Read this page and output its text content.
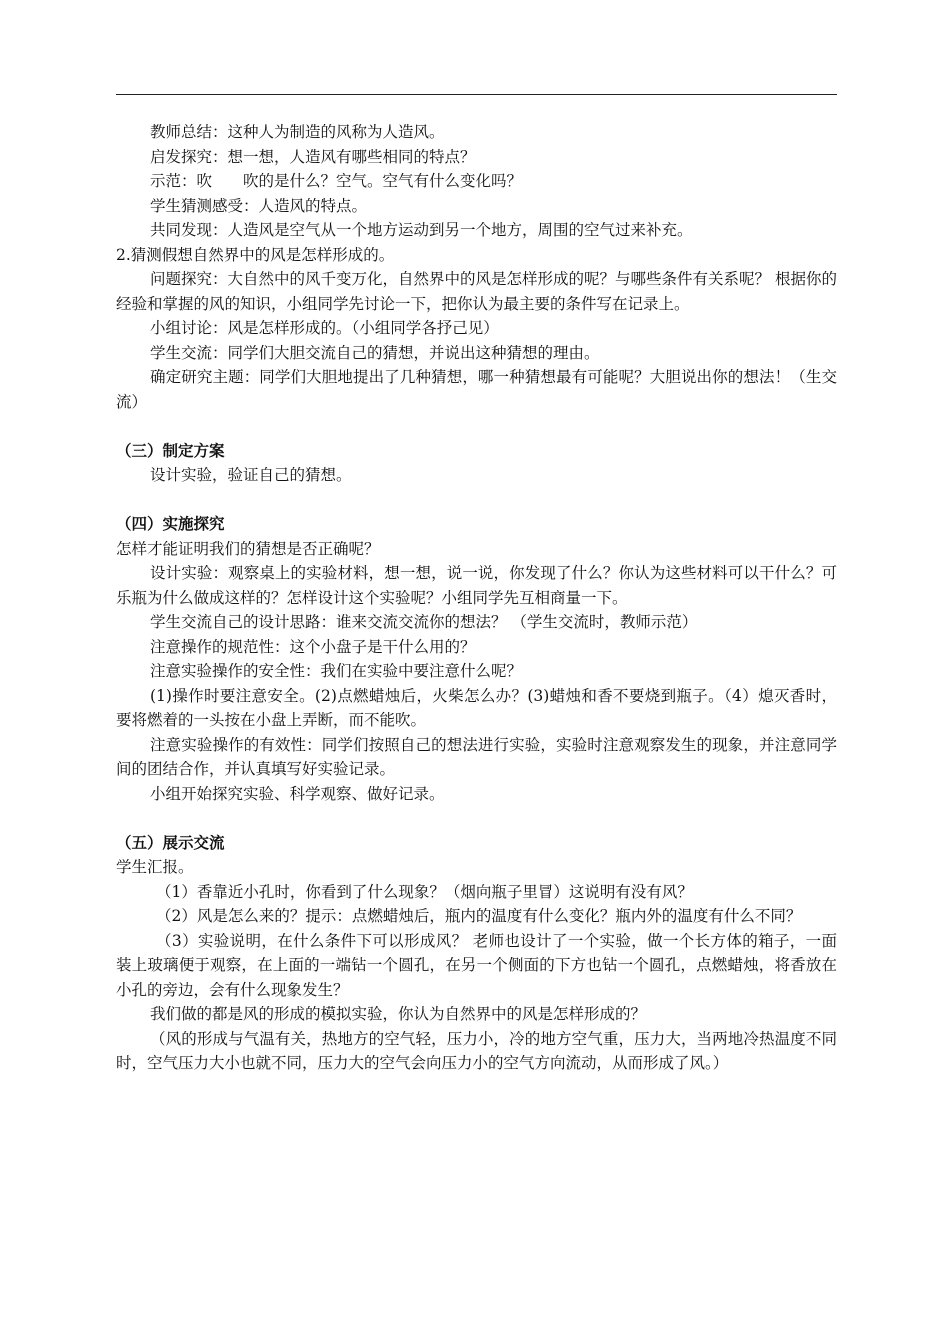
教师总结：这种人为制造的风称为人造风。

启发探究：想一想，人造风有哪些相同的特点？

示范：吹　　吹的是什么？空气。空气有什么变化吗？

学生猜测感受：人造风的特点。

共同发现：人造风是空气从一个地方运动到另一个地方，周围的空气过来补充。

2.猜测假想自然界中的风是怎样形成的。

问题探究：大自然中的风千变万化，自然界中的风是怎样形成的呢？与哪些条件有关系呢？ 根据你的经验和掌握的风的知识，小组同学先讨论一下，把你认为最主要的条件写在记录上。

小组讨论：风是怎样形成的。（小组同学各抒己见）

学生交流：同学们大胆交流自己的猜想，并说出这种猜想的理由。

确定研究主题：同学们大胆地提出了几种猜想，哪一种猜想最有可能呢？大胆说出你的想法！（生交流）

（三）制定方案

设计实验，验证自己的猜想。

（四）实施探究

怎样才能证明我们的猜想是否正确呢？

设计实验：观察桌上的实验材料，想一想，说一说，你发现了什么？你认为这些材料可以干什么？可乐瓶为什么做成这样的？怎样设计这个实验呢？小组同学先互相商量一下。

学生交流自己的设计思路：谁来交流交流你的想法？ （学生交流时，教师示范）

注意操作的规范性：这个小盘子是干什么用的？

注意实验操作的安全性：我们在实验中要注意什么呢？

(1)操作时要注意安全。(2)点燃蜡烛后，火柴怎么办？(3)蜡烛和香不要烧到瓶子。（4）熄灭香时，要将燃着的一头按在小盘上弄断，而不能吹。

注意实验操作的有效性：同学们按照自己的想法进行实验，实验时注意观察发生的现象，并注意同学间的团结合作，并认真填写好实验记录。

小组开始探究实验、科学观察、做好记录。

（五）展示交流

学生汇报。

（1）香靠近小孔时，你看到了什么现象？（烟向瓶子里冒）这说明有没有风？

（2）风是怎么来的？提示：点燃蜡烛后，瓶内的温度有什么变化？瓶内外的温度有什么不同？

（3）实验说明，在什么条件下可以形成风？ 老师也设计了一个实验，做一个长方体的箱子，一面装上玻璃便于观察，在上面的一端钻一个圆孔，在另一个侧面的下方也钻一个圆孔，点燃蜡烛，将香放在小孔的旁边，会有什么现象发生？

我们做的都是风的形成的模拟实验，你认为自然界中的风是怎样形成的？

（风的形成与气温有关，热地方的空气轻，压力小，冷的地方空气重，压力大，当两地冷热温度不同时，空气压力大小也就不同，压力大的空气会向压力小的空气方向流动，从而形成了风。）
